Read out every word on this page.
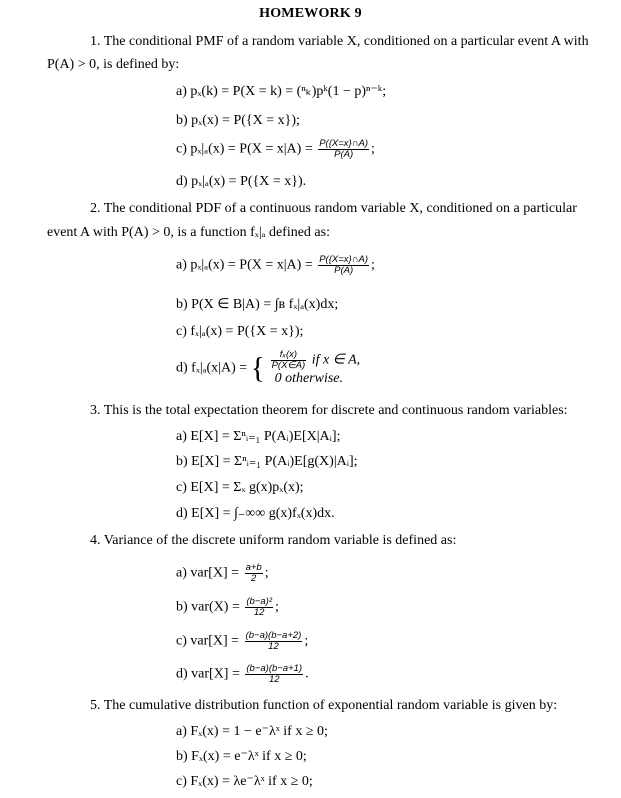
HOMEWORK 9
1. The conditional PMF of a random variable X, conditioned on a particular event A with
P(A) > 0, is defined by:
a) pₓ(k) = P(X = k) = (ⁿₖ)pᵏ(1 − p)ⁿ⁻ᵏ;
b) pₓ(x) = P({X = x});
c) $p_x|_a(x) = P(X = x|A) = \frac{P(\{X=x\}\cap A)}{P(A)}$ ;
d) pₓ|ₐ(x) = P({X = x}).
2. The conditional PDF of a continuous random variable X, conditioned on a particular
event A with P(A) > 0, is a function fₓ|ₐ defined as:
a) $p_x|_a(x) = P(X = x|A) = \frac{P(\{X=x\}\cap A)}{P(A)}$ ;
b) P(X ∈ B|A) = ∫ʙ fₓ|ₐ(x)dx;
c) fₓ|ₐ(x) = P({X = x});
d) fₓ|ₐ(x|A) = { $\frac{\text{fₓ(x)}}{P(X\in A)}$ if x ∈ A,
0 otherwise.
3. This is the total expectation theorem for discrete and continuous random variables:
a) E[X] = Σⁿᵢ₌₁ P(Aᵢ)E[X|Aᵢ];
b) E[X] = Σⁿᵢ₌₁ P(Aᵢ)E[g(X)|Aᵢ];
c) E[X] = Σₓ g(x)pₓ(x);
d) E[X] = ∫₋∞∞ g(x)fₓ(x)dx.
4. Variance of the discrete uniform random variable is defined as:
a) $var[X] = \frac{a+b}{2}$ ;
b) $var(X) = \frac{\text{(b−a)²}}{12}$ ;
c) $var[X] = \frac{(b-a)(b-a+2)}{12}$ ;
d) $var[X] = \frac{(b-a)(b-a+1)}{12}$ .
5. The cumulative distribution function of exponential random variable is given by:
a) Fₓ(x) = 1 − e⁻λˣ if x ≥ 0;
b) Fₓ(x) = e⁻λˣ if x ≥ 0;
c) Fₓ(x) = λe⁻λˣ if x ≥ 0;
